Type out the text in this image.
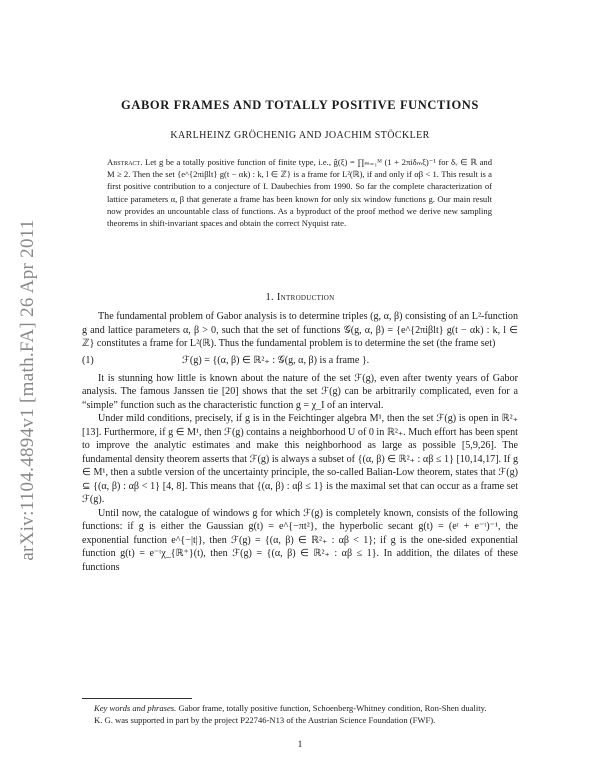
arXiv:1104.4894v1 [math.FA] 26 Apr 2011
GABOR FRAMES AND TOTALLY POSITIVE FUNCTIONS
KARLHEINZ GRÖCHENIG AND JOACHIM STÖCKLER
Abstract. Let g be a totally positive function of finite type, i.e., ĝ(ξ) = ∏ₘ₌₁ᴹ (1 + 2πiδₘξ)⁻¹ for δᵥ ∈ ℝ and M ≥ 2. Then the set {e^{2πiβlt} g(t − αk) : k, l ∈ ℤ} is a frame for L²(ℝ), if and only if αβ < 1. This result is a first positive contribution to a conjecture of I. Daubechies from 1990. So far the complete characterization of lattice parameters α, β that generate a frame has been known for only six window functions g. Our main result now provides an uncountable class of functions. As a byproduct of the proof method we derive new sampling theorems in shift-invariant spaces and obtain the correct Nyquist rate.
1. Introduction

The fundamental problem of Gabor analysis is to determine triples (g, α, β) consisting of an L²-function g and lattice parameters α, β > 0, such that the set of functions 𝒢(g, α, β) = {e^{2πiβlt} g(t − αk) : k, l ∈ ℤ} constitutes a frame for L²(ℝ). Thus the fundamental problem is to determine the set (the frame set)

(1)	ℱ(g) = {(α, β) ∈ ℝ²₊ : 𝒢(g, α, β) is a frame }.

It is stunning how little is known about the nature of the set ℱ(g), even after twenty years of Gabor analysis. The famous Janssen tie [20] shows that the set ℱ(g) can be arbitrarily complicated, even for a “simple” function such as the characteristic function g = χ_I of an interval.

Under mild conditions, precisely, if g is in the Feichtinger algebra M¹, then the set ℱ(g) is open in ℝ²₊ [13]. Furthermore, if g ∈ M¹, then ℱ(g) contains a neighborhood U of 0 in ℝ²₊. Much effort has been spent to improve the analytic estimates and make this neighborhood as large as possible [5,9,26]. The fundamental density theorem asserts that ℱ(g) is always a subset of {(α, β) ∈ ℝ²₊ : αβ ≤ 1} [10,14,17]. If g ∈ M¹, then a subtle version of the uncertainty principle, the so-called Balian-Low theorem, states that ℱ(g) ⊆ {(α, β) : αβ < 1} [4, 8]. This means that {(α, β) : αβ ≤ 1} is the maximal set that can occur as a frame set ℱ(g).

Until now, the catalogue of windows g for which ℱ(g) is completely known, consists of the following functions: if g is either the Gaussian g(t) = e^{−πt²}, the hyperbolic secant g(t) = (eᵗ + e⁻ᵗ)⁻¹, the exponential function e^{−|t|}, then ℱ(g) = {(α, β) ∈ ℝ²₊ : αβ < 1}; if g is the one-sided exponential function g(t) = e⁻ᵗχ_{ℝ⁺}(t), then ℱ(g) = {(α, β) ∈ ℝ²₊ : αβ ≤ 1}. In addition, the dilates of these functions

Key words and phrases. Gabor frame, totally positive function, Schoenberg-Whitney condition, Ron-Shen duality.

K. G. was supported in part by the project P22746-N13 of the Austrian Science Foundation (FWF).

1
